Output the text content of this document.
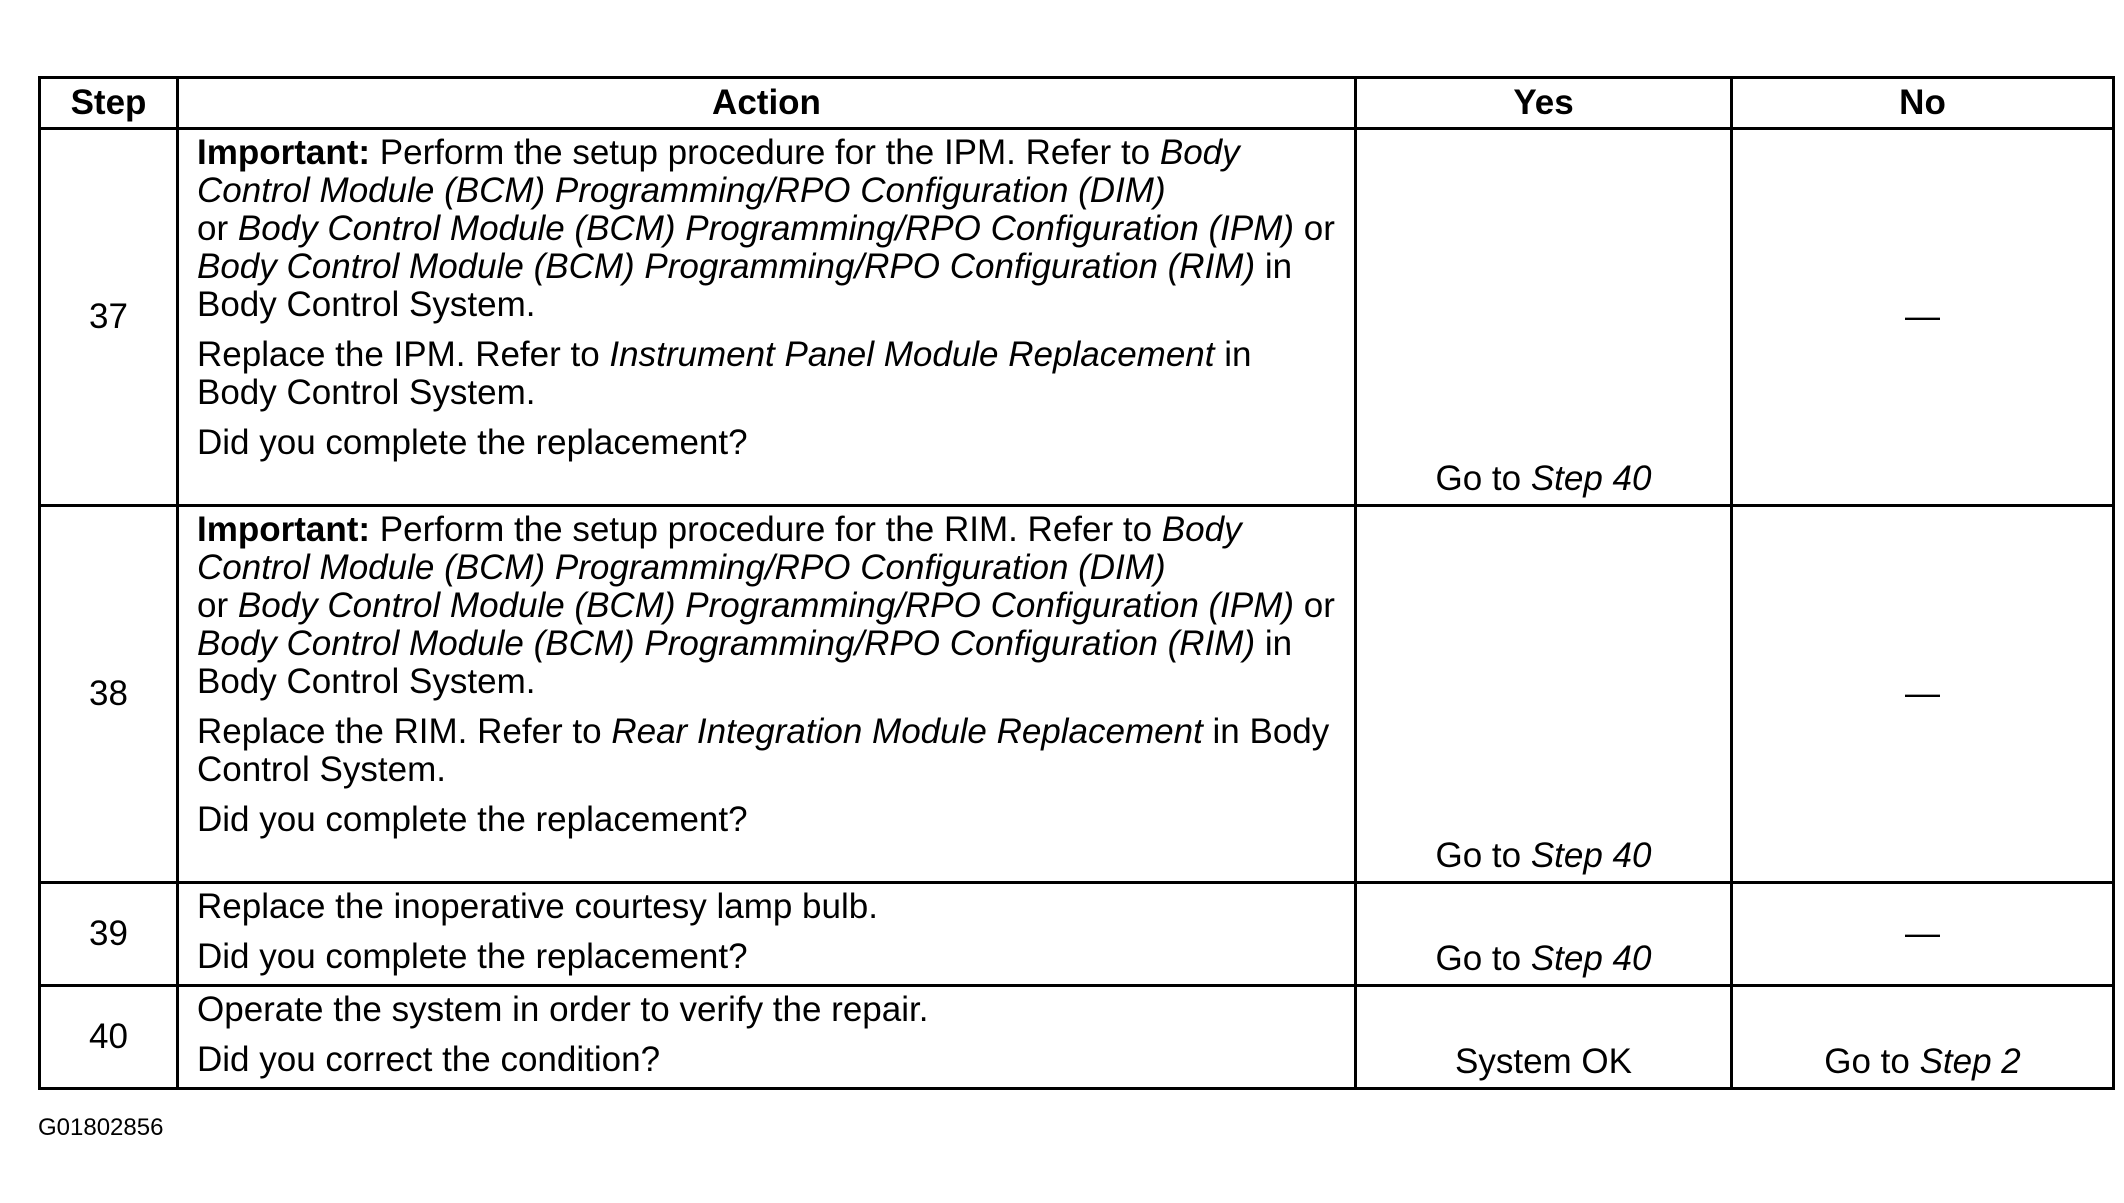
Step	Action	Yes	No
37	Important: Perform the setup procedure for the IPM. Refer to Body Control Module (BCM) Programming/RPO Configuration (DIM)
or Body Control Module (BCM) Programming/RPO Configuration (IPM) or Body Control Module (BCM) Programming/RPO Configuration (RIM) in Body Control System.
Replace the IPM. Refer to Instrument Panel Module Replacement in Body Control System.
Did you complete the replacement?	Go to Step 40	—
38	Important: Perform the setup procedure for the RIM. Refer to Body Control Module (BCM) Programming/RPO Configuration (DIM)
or Body Control Module (BCM) Programming/RPO Configuration (IPM) or Body Control Module (BCM) Programming/RPO Configuration (RIM) in Body Control System.
Replace the RIM. Refer to Rear Integration Module Replacement in Body Control System.
Did you complete the replacement?	Go to Step 40	—
39	Replace the inoperative courtesy lamp bulb.
Did you complete the replacement?	Go to Step 40	—
40	Operate the system in order to verify the repair.
Did you correct the condition?	System OK	Go to Step 2
G01802856
